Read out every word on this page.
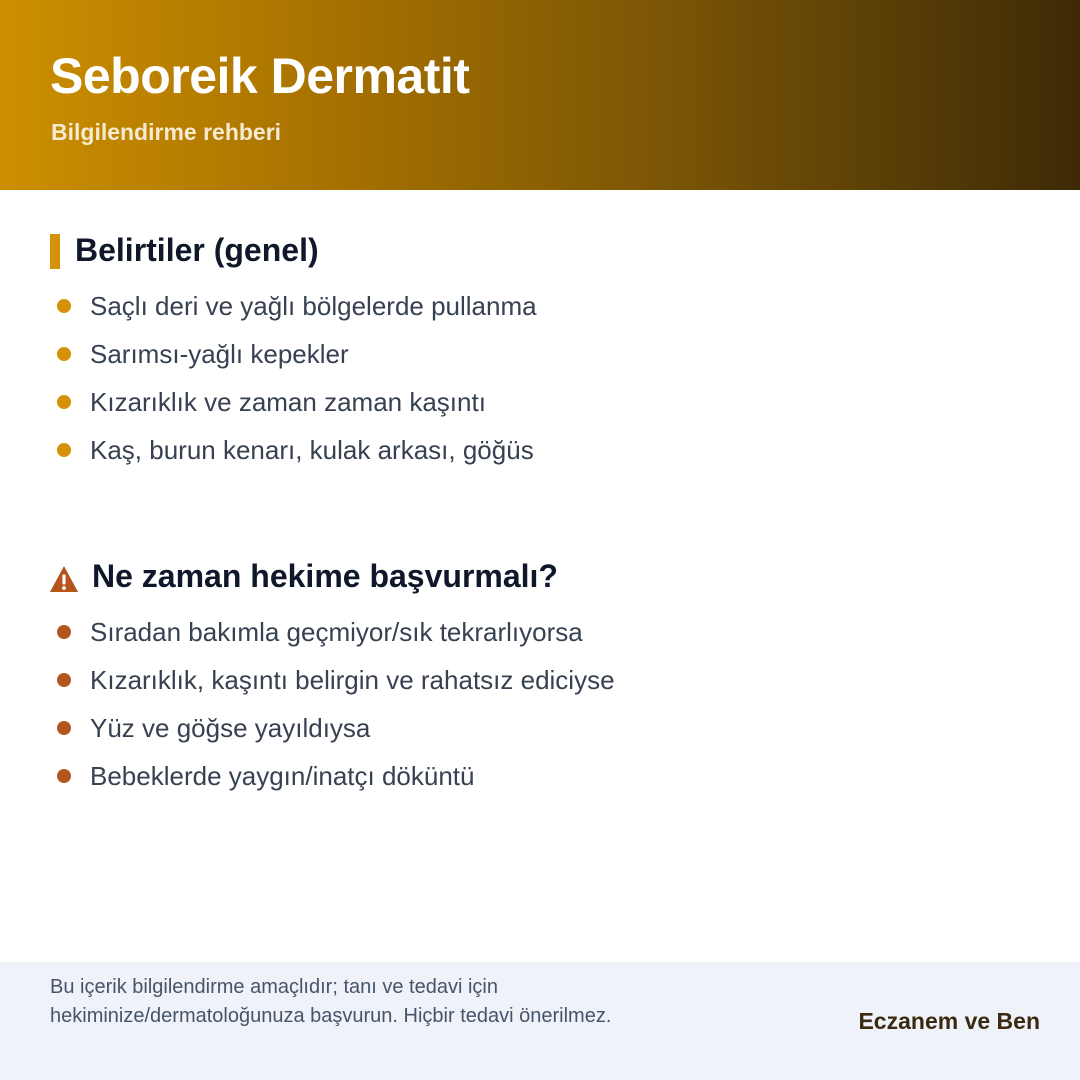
Seboreik Dermatit

Bilgilendirme rehberi

Belirtiler (genel)
Saçlı deri ve yağlı bölgelerde pullanma
Sarımsı-yağlı kepekler
Kızarıklık ve zaman zaman kaşıntı
Kaş, burun kenarı, kulak arkası, göğüs
Ne zaman hekime başvurmalı?
Sıradan bakımla geçmiyor/sık tekrarlıyorsa
Kızarıklık, kaşıntı belirgin ve rahatsız ediciyse
Yüz ve göğse yayıldıysa
Bebeklerde yaygın/inatçı döküntü

Bu içerik bilgilendirme amaçlıdır; tanı ve tedavi için hekiminize/dermatoloğunuza başvurun. Hiçbir tedavi önerilmez.	Eczanem ve Ben
